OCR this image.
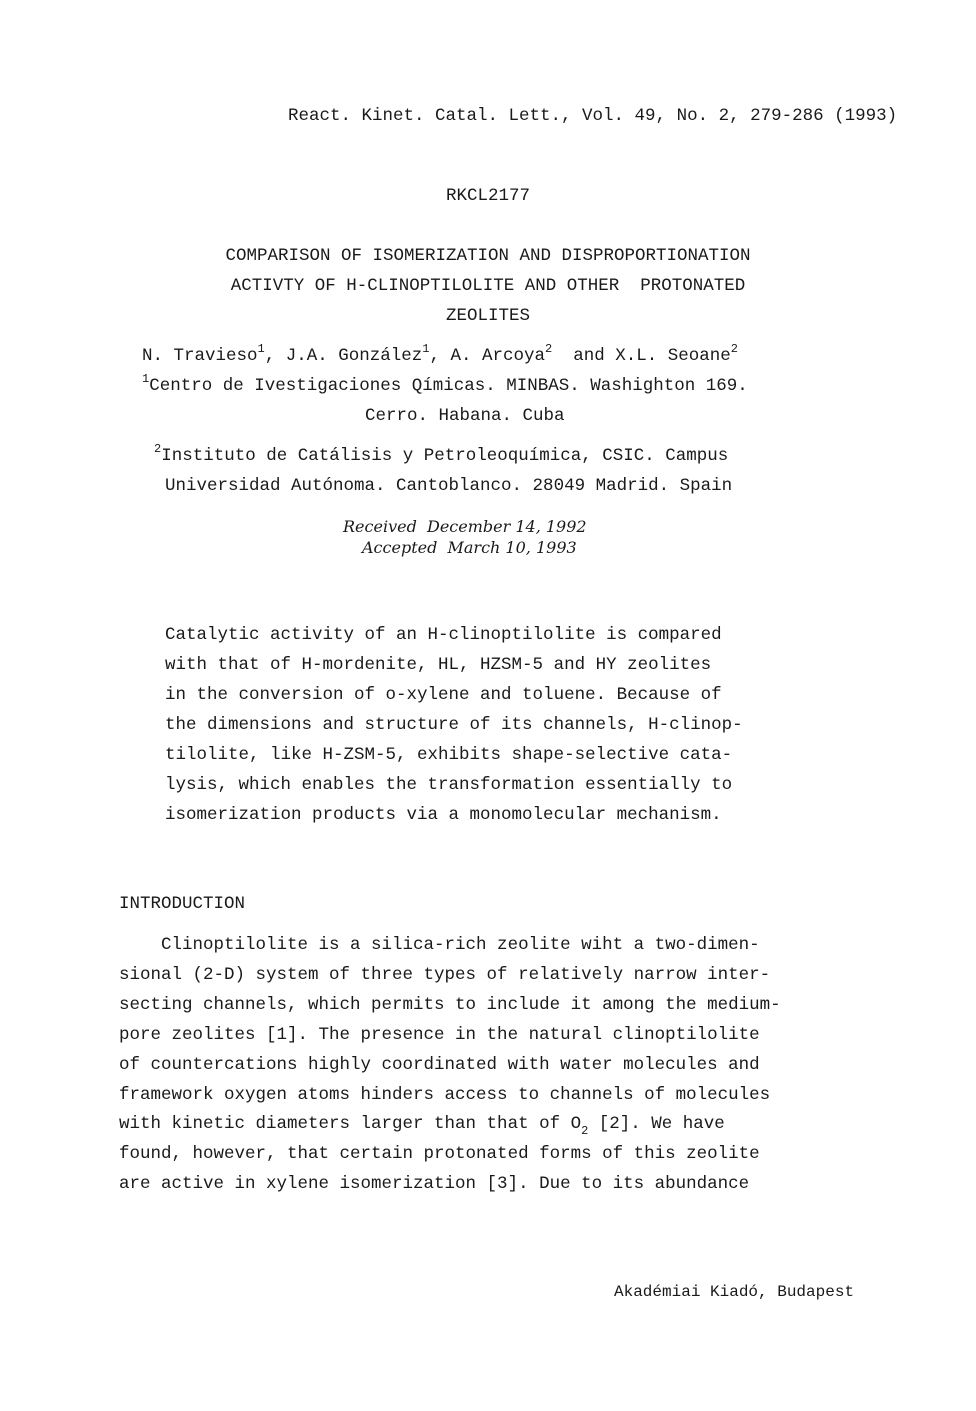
React. Kinet. Catal. Lett., Vol. 49, No. 2, 279-286 (1993)
RKCL2177
COMPARISON OF ISOMERIZATION AND DISPROPORTIONATION
ACTIVTY OF H-CLINOPTILOLITE AND OTHER  PROTONATED
ZEOLITES
N. Travieso$^1$, J.A. González$^1$, A. Arcoya$^2$  and X.L. Seoane$^2$
$^1$Centro de Ivestigaciones Qímicas. MINBAS. Washighton 169.
Cerro. Habana. Cuba
$^2$Instituto de Catálisis y Petroleoquímica, CSIC. Campus
Universidad Autónoma. Cantoblanco. 28049 Madrid. Spain
Received  December 14, 1992
Accepted  March 10, 1993
Catalytic activity of an H-clinoptilolite is compared
with that of H-mordenite, HL, HZSM-5 and HY zeolites
in the conversion of o-xylene and toluene. Because of
the dimensions and structure of its channels, H-clinop-
tilolite, like H-ZSM-5, exhibits shape-selective cata-
lysis, which enables the transformation essentially to
isomerization products via a monomolecular mechanism.
INTRODUCTION
Clinoptilolite is a silica-rich zeolite wiht a two-dimen-
sional (2-D) system of three types of relatively narrow inter-
secting channels, which permits to include it among the medium-
pore zeolites [1]. The presence in the natural clinoptilolite
of countercations highly coordinated with water molecules and
framework oxygen atoms hinders access to channels of molecules
with kinetic diameters larger than that of $O_2$ [2]. We have
found, however, that certain protonated forms of this zeolite
are active in xylene isomerization [3]. Due to its abundance
Akadémiai Kiadó, Budapest
